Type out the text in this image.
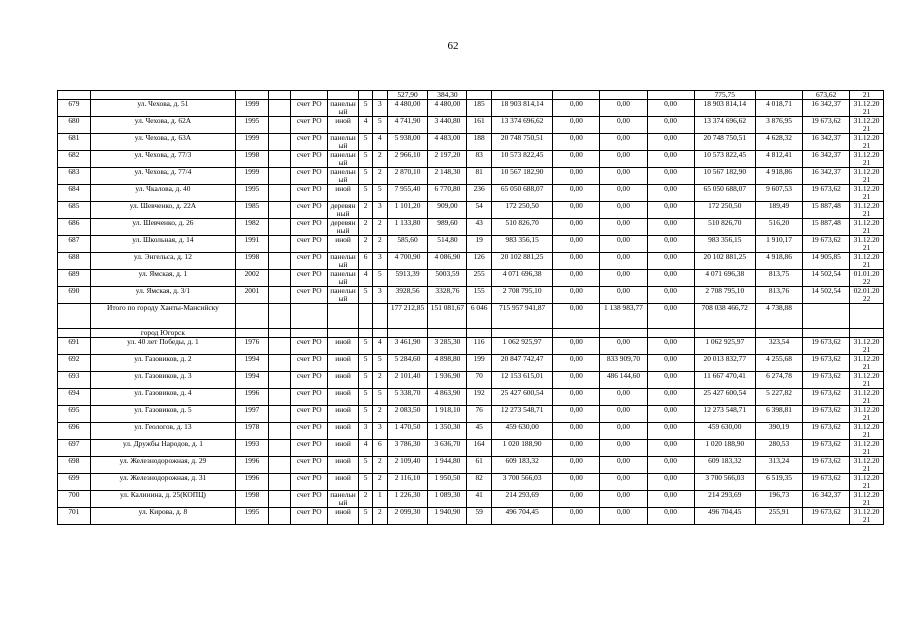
62
								527,90	384,30						775,75		673,62	21
679	ул. Чехова, д. 51	1999		счет РО	панельн ый	5	3	4 480,00	4 480,00	185	18 903 814,14	0,00	0,00	0,00	18 903 814,14	4 018,71	16 342,37	31.12.20 21
680	ул. Чехова, д. 62А	1995		счет РО	иной	4	5	4 741,90	3 440,80	161	13 374 696,62	0,00	0,00	0,00	13 374 696,62	3 876,95	19 673,62	31.12.20 21
681	ул. Чехова, д. 63А	1999		счет РО	панельн ый	5	4	5 938,00	4 483,00	188	20 748 750,51	0,00	0,00	0,00	20 748 750,51	4 628,32	16 342,37	31.12.20 21
682	ул. Чехова, д. 77/3	1998		счет РО	панельн ый	5	2	2 966,10	2 197,20	83	10 573 822,45	0,00	0,00	0,00	10 573 822,45	4 812,41	16 342,37	31.12.20 21
683	ул. Чехова, д. 77/4	1999		счет РО	панельн ый	5	2	2 870,10	2 148,30	81	10 567 182,90	0,00	0,00	0,00	10 567 182,90	4 918,86	16 342,37	31.12.20 21
684	ул. Чкалова, д. 40	1995		счет РО	иной	5	5	7 955,40	6 770,80	236	65 050 688,07	0,00	0,00	0,00	65 050 688,07	9 607,53	19 673,62	31.12.20 21
685	ул. Шевченко, д. 22А	1985		счет РО	деревян ный	2	3	1 101,20	909,00	54	172 250,50	0,00	0,00	0,00	172 250,50	189,49	15 887,48	31.12.20 21
686	ул. Шевченко, д. 26	1982		счет РО	деревян ный	2	2	1 133,80	989,60	43	510 826,70	0,00	0,00	0,00	510 826,70	516,20	15 887,48	31.12.20 21
687	ул. Школьная, д. 14	1991		счет РО	иной	2	2	585,60	514,80	19	983 356,15	0,00	0,00	0,00	983 356,15	1 910,17	19 673,62	31.12.20 21
688	ул. Энгельса, д. 12	1998		счет РО	панельн ый	6	3	4 700,90	4 086,90	126	20 102 881,25	0,00	0,00	0,00	20 102 881,25	4 918,86	14 905,85	31.12.20 21
689	ул. Ямская, д. 1	2002		счет РО	панельн ый	4	5	5913,39	5003,59	255	4 071 696,38	0,00	0,00	0,00	4 071 696,38	813,75	14 502,54	01.01.20 22
690	ул. Ямская, д. 3/1	2001		счет РО	панельн ый	5	3	3928,56	3328,76	155	2 708 795,10	0,00	0,00	0,00	2 708 795,10	813,76	14 502,54	02.01.20 22
	Итого по городу Ханты-Мансийску							177 212,85	151 081,67	6 046	715 957 941,87	0,00	1 138 983,77	0,00	708 038 466,72	4 738,88		
	город Югорск																	
691	ул. 40 лет Победы, д. 1	1976		счет РО	иной	5	4	3 461,90	3 285,30	116	1 062 925,97	0,00	0,00	0,00	1 062 925,97	323,54	19 673,62	31.12.20 21
692	ул. Газовиков, д. 2	1994		счет РО	иной	5	5	5 284,60	4 898,80	199	20 847 742,47	0,00	833 909,70	0,00	20 013 832,77	4 255,68	19 673,62	31.12.20 21
693	ул. Газовиков, д. 3	1994		счет РО	иной	5	2	2 101,40	1 936,90	70	12 153 615,01	0,00	486 144,60	0,00	11 667 470,41	6 274,78	19 673,62	31.12.20 21
694	ул. Газовиков, д. 4	1996		счет РО	иной	5	5	5 338,70	4 863,90	192	25 427 600,54	0,00	0,00	0,00	25 427 600,54	5 227,82	19 673,62	31.12.20 21
695	ул. Газовиков, д. 5	1997		счет РО	иной	5	2	2 083,50	1 918,10	76	12 273 548,71	0,00	0,00	0,00	12 273 548,71	6 398,81	19 673,62	31.12.20 21
696	ул. Геологов, д. 13	1978		счет РО	иной	3	3	1 470,50	1 350,30	45	459 630,00	0,00	0,00	0,00	459 630,00	390,19	19 673,62	31.12.20 21
697	ул. Дружбы Народов, д. 1	1993		счет РО	иной	4	6	3 786,30	3 636,70	164	1 020 188,90	0,00	0,00	0,00	1 020 188,90	280,53	19 673,62	31.12.20 21
698	ул. Железнодорожная, д. 29	1996		счет РО	иной	5	2	2 109,40	1 944,80	61	609 183,32	0,00	0,00	0,00	609 183,32	313,24	19 673,62	31.12.20 21
699	ул. Железнодорожная, д. 31	1996		счет РО	иной	5	2	2 116,10	1 950,50	82	3 700 566,03	0,00	0,00	0,00	3 700 566,03	6 519,35	19 673,62	31.12.20 21
700	ул. Калинина, д. 25(КОПЦ)	1998		счет РО	панельн ый	2	1	1 226,30	1 089,30	41	214 293,69	0,00	0,00	0,00	214 293,69	196,73	16 342,37	31.12.20 21
701	ул. Кирова, д. 8	1995		счет РО	иной	5	2	2 099,30	1 940,90	59	496 704,45	0,00	0,00	0,00	496 704,45	255,91	19 673,62	31.12.20 21
